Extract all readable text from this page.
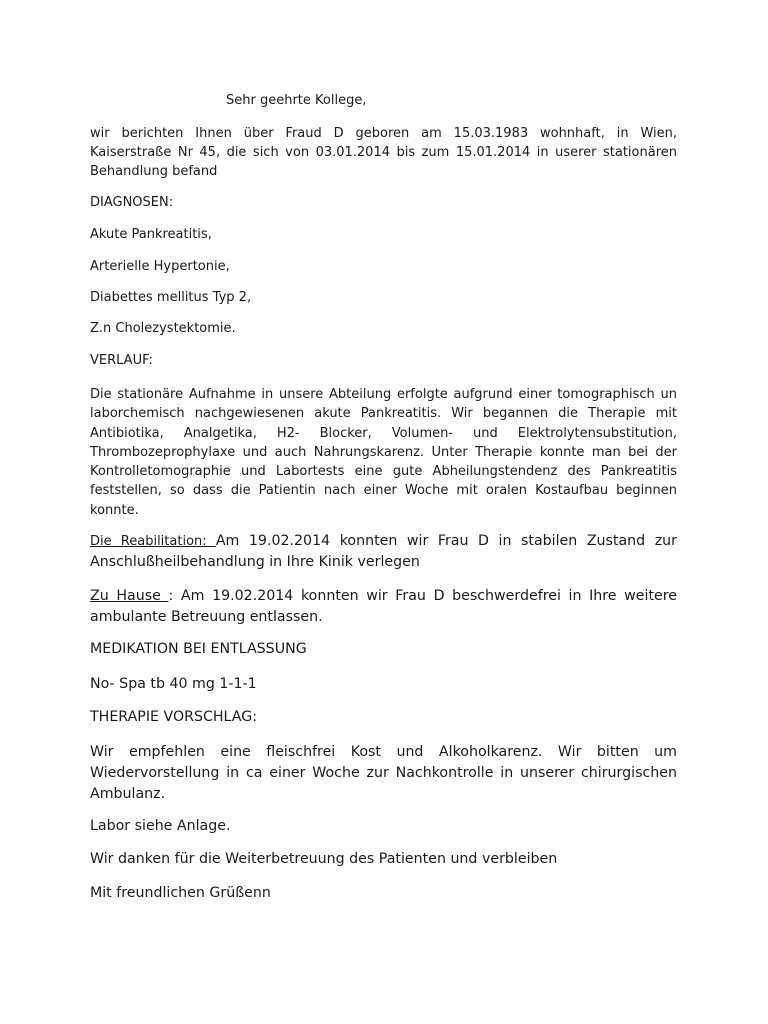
Sehr geehrte Kollege,

wir berichten Ihnen über Fraud D geboren am 15.03.1983 wohnhaft, in Wien, Kaiserstraße Nr 45, die sich von 03.01.2014 bis zum 15.01.2014 in userer stationären Behandlung befand

DIAGNOSEN:

Akute Pankreatitis,

Arterielle Hypertonie,

Diabettes mellitus Typ 2,

Z.n Cholezystektomie.

VERLAUF:

Die stationäre Aufnahme in unsere Abteilung erfolgte aufgrund einer tomographisch un laborchemisch nachgewiesenen akute Pankreatitis. Wir begannen die Therapie mit Antibiotika, Analgetika, H2- Blocker, Volumen- und Elektrolytensubstitution, Thrombozeprophylaxe und auch Nahrungskarenz. Unter Therapie konnte man bei der Kontrolletomographie und Labortests eine gute Abheilungstendenz des Pankreatitis feststellen, so dass die Patientin nach einer Woche mit oralen Kostaufbau beginnen konnte.

Die Reabilitation: Am 19.02.2014 konnten wir Frau D in stabilen Zustand zur Anschlußheilbehandlung in Ihre Kinik verlegen

Zu Hause : Am 19.02.2014 konnten wir Frau D beschwerdefrei in Ihre weitere ambulante Betreuung entlassen.

MEDIKATION BEI ENTLASSUNG

No- Spa tb 40 mg 1-1-1

THERAPIE VORSCHLAG:

Wir empfehlen eine fleischfrei Kost und Alkoholkarenz. Wir bitten um Wiedervorstellung in ca einer Woche zur Nachkontrolle in unserer chirurgischen Ambulanz.

Labor siehe Anlage.

Wir danken für die Weiterbetreuung des Patienten und verbleiben

Mit freundlichen Grüßenn
